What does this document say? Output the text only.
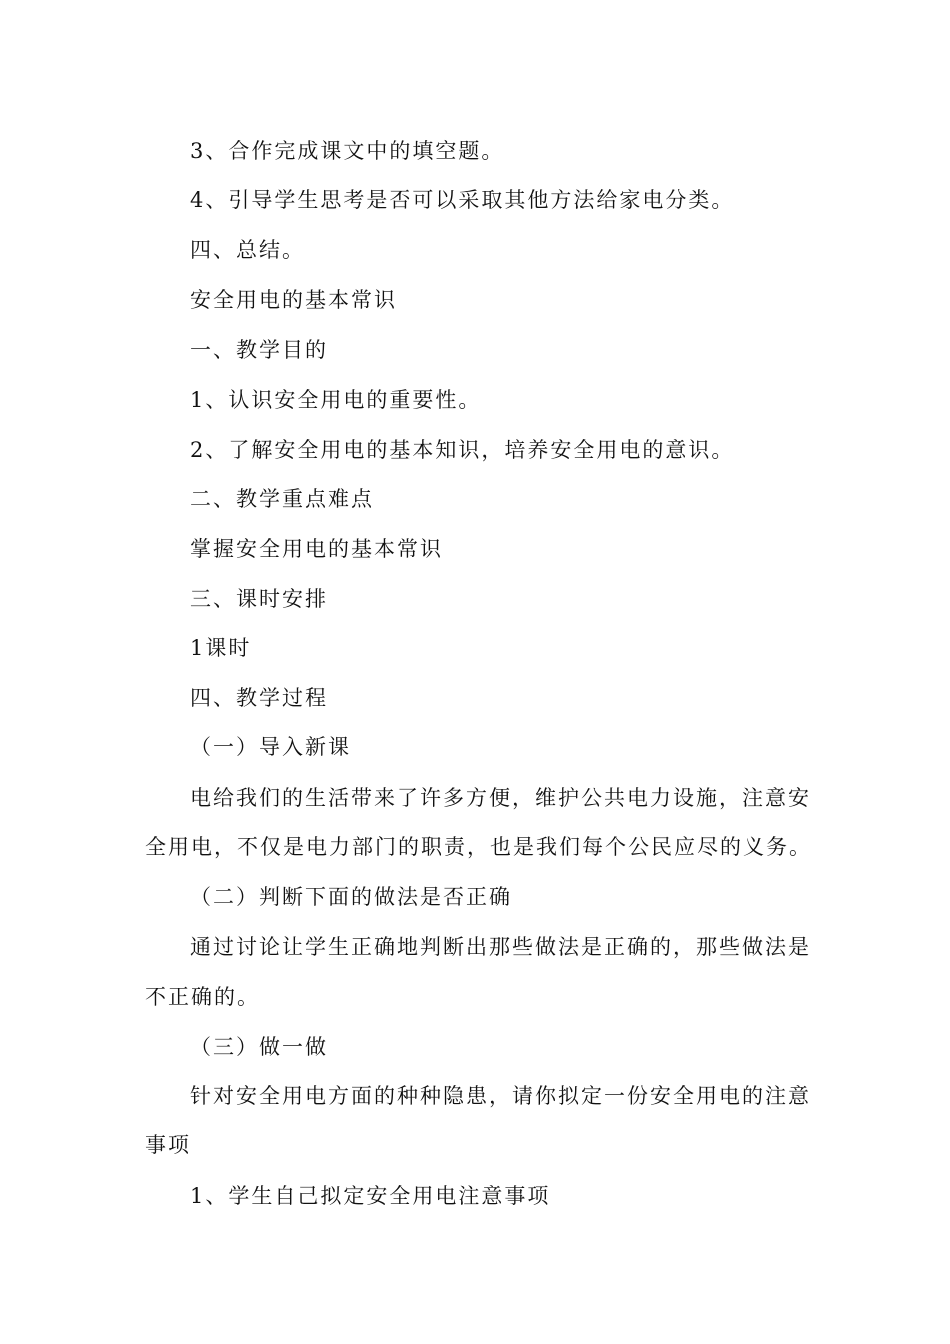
3、合作完成课文中的填空题。
4、引导学生思考是否可以采取其他方法给家电分类。
四、总结。
安全用电的基本常识
一、教学目的
1、认识安全用电的重要性。
2、了解安全用电的基本知识，培养安全用电的意识。
二、教学重点难点
掌握安全用电的基本常识
三、课时安排
1课时
四、教学过程
（一）导入新课
电给我们的生活带来了许多方便，维护公共电力设施，注意安
全用电，不仅是电力部门的职责，也是我们每个公民应尽的义务。
（二）判断下面的做法是否正确
通过讨论让学生正确地判断出那些做法是正确的，那些做法是
不正确的。
（三）做一做
针对安全用电方面的种种隐患，请你拟定一份安全用电的注意
事项
1、学生自己拟定安全用电注意事项
